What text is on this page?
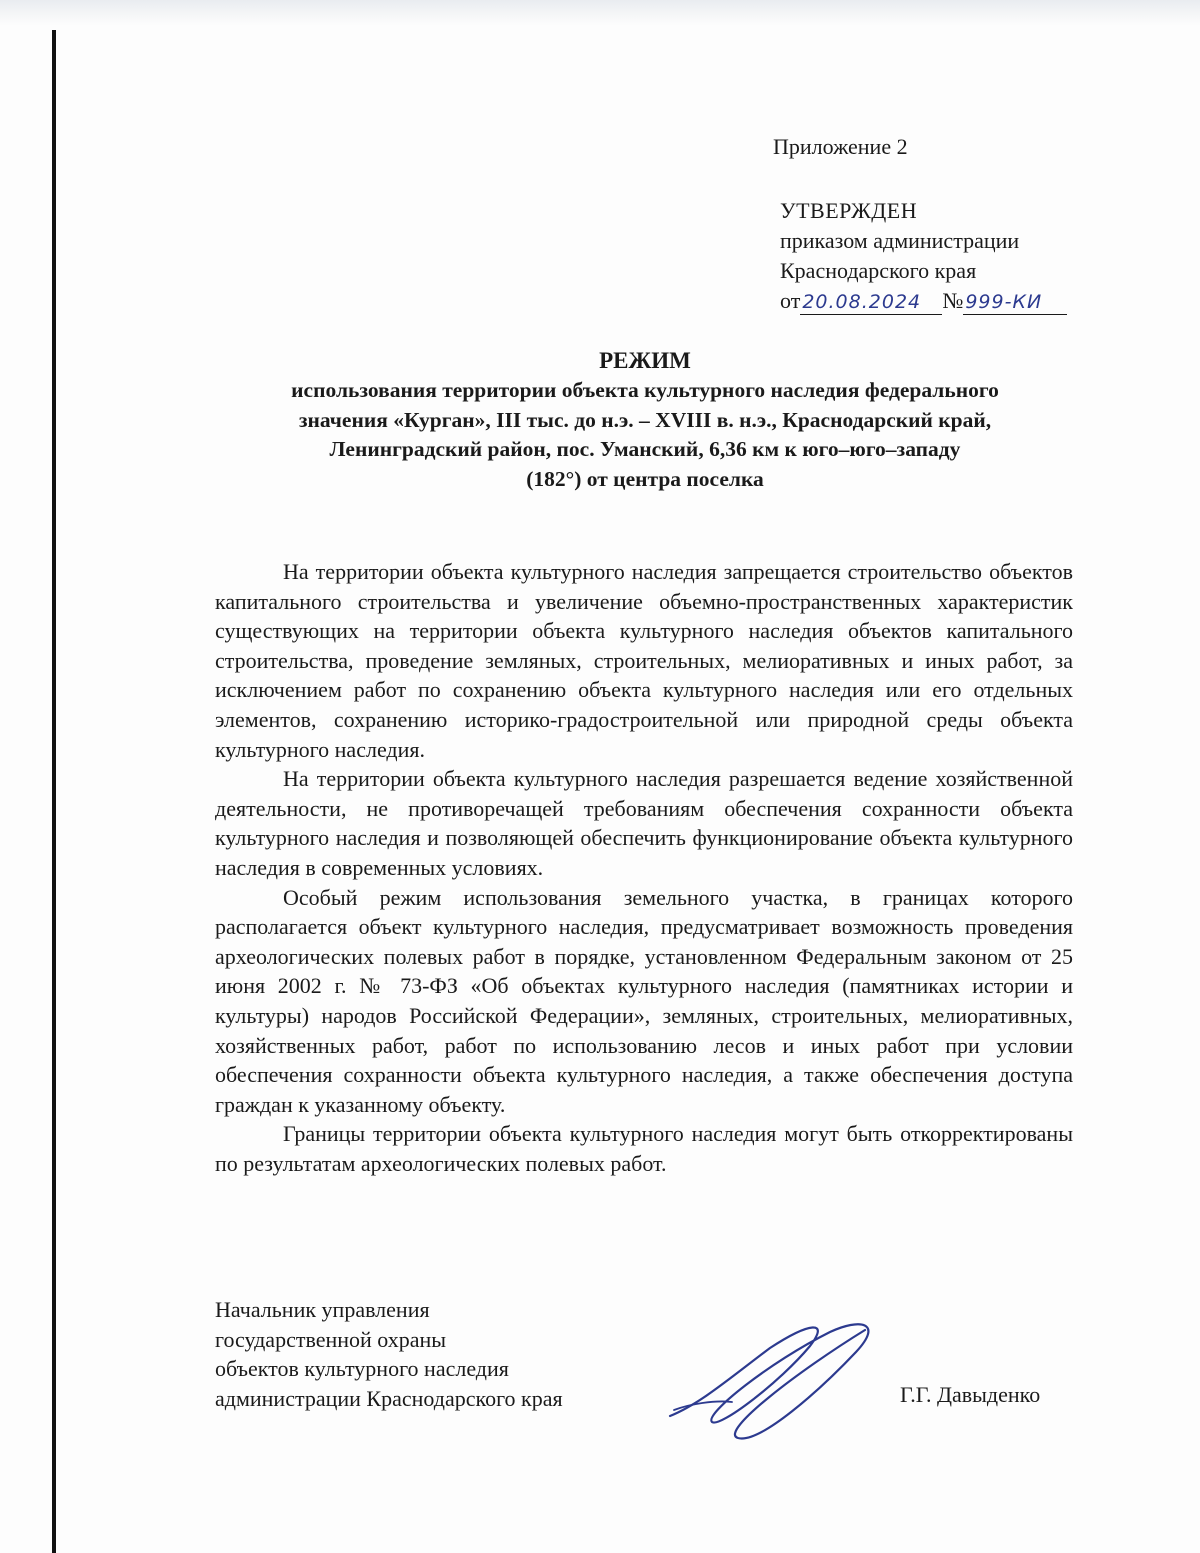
Приложение 2
УТВЕРЖДЕН
приказом администрации
Краснодарского края
от 20.08.2024 № 999-КИ
РЕЖИМ
использования территории объекта культурного наследия федерального
значения «Курган», III тыс. до н.э. – XVIII в. н.э., Краснодарский край,
Ленинградский район, пос. Уманский, 6,36 км к юго–юго–западу
(182°) от центра поселка

На территории объекта культурного наследия запрещается строительство объектов капитального строительства и увеличение объемно-пространственных характеристик существующих на территории объекта культурного наследия объектов капитального строительства, проведение земляных, строительных, мелиоративных и иных работ, за исключением работ по сохранению объекта культурного наследия или его отдельных элементов, сохранению историко-градостроительной или природной среды объекта культурного наследия.

На территории объекта культурного наследия разрешается ведение хозяйственной деятельности, не противоречащей требованиям обеспечения сохранности объекта культурного наследия и позволяющей обеспечить функционирование объекта культурного наследия в современных условиях.

Особый режим использования земельного участка, в границах которого располагается объект культурного наследия, предусматривает возможность проведения археологических полевых работ в порядке, установленном Федеральным законом от 25 июня 2002 г. № 73-ФЗ «Об объектах культурного наследия (памятниках истории и культуры) народов Российской Федерации», земляных, строительных, мелиоративных, хозяйственных работ, работ по использованию лесов и иных работ при условии обеспечения сохранности объекта культурного наследия, а также обеспечения доступа граждан к указанному объекту.

Границы территории объекта культурного наследия могут быть откорректированы по результатам археологических полевых работ.

Начальник управления
государственной охраны
объектов культурного наследия
администрации Краснодарского края	Г.Г. Давыденко
